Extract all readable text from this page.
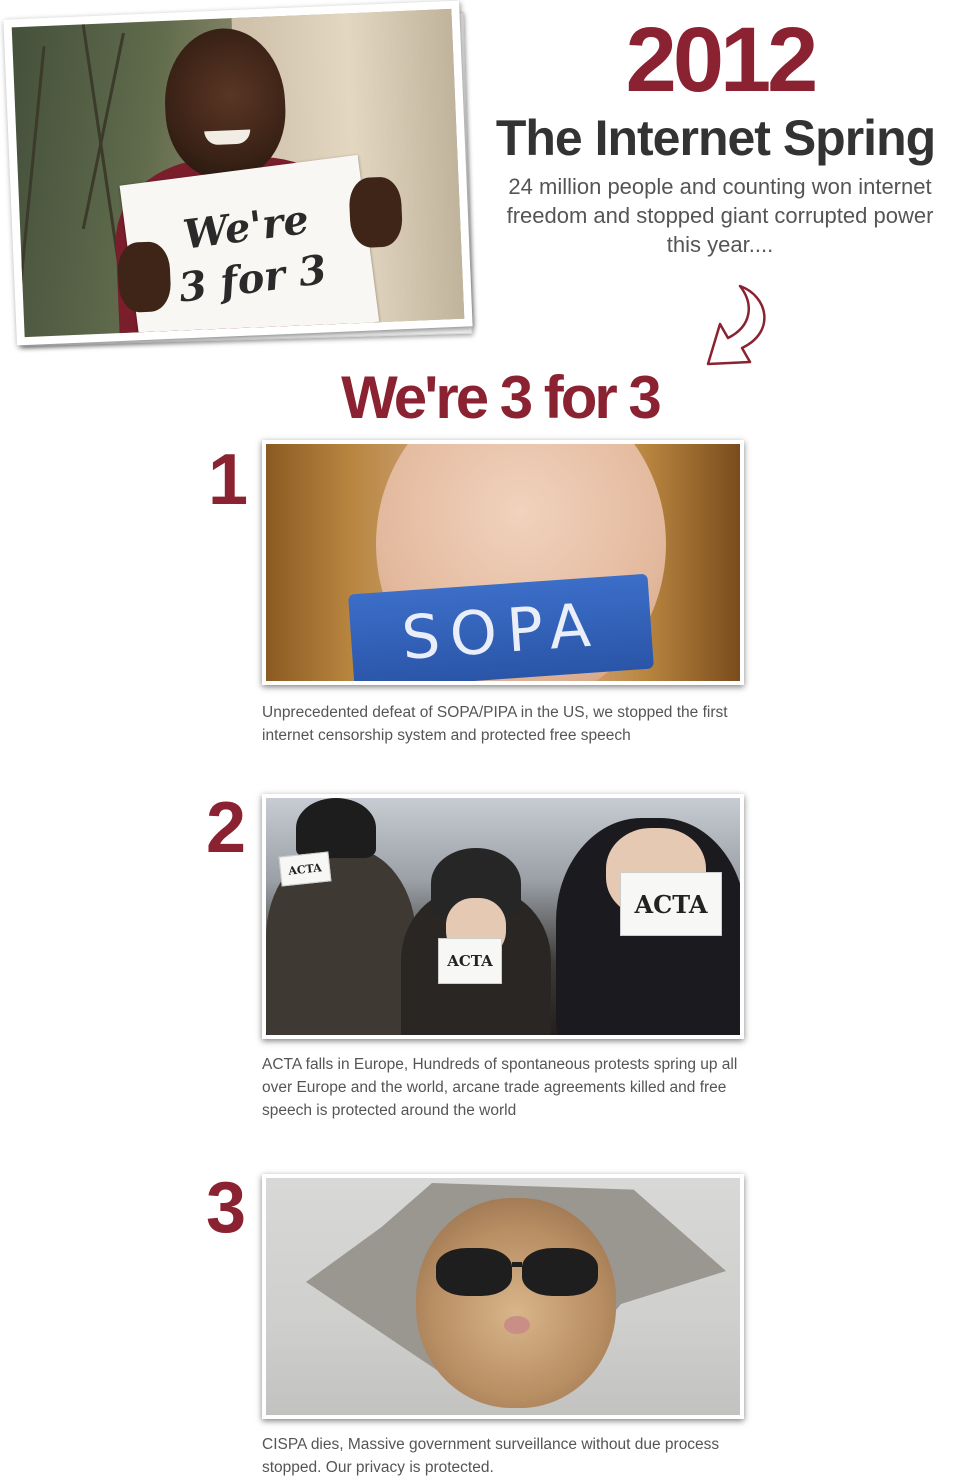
We're
3 for 3
2012
The Internet Spring
24 million people and counting won internet freedom and stopped giant corrupted power this year....
We're 3 for 3
1
SOPA
Unprecedented defeat of SOPA/PIPA in the US, we stopped the first internet censorship system and protected free speech
2
ACTA
ACTA
ACTA
ACTA falls in Europe, Hundreds of spontaneous protests spring up all over Europe and the world, arcane trade agreements killed and free speech is protected around the world
3
CISPA dies, Massive government surveillance without due process stopped. Our privacy is protected.
